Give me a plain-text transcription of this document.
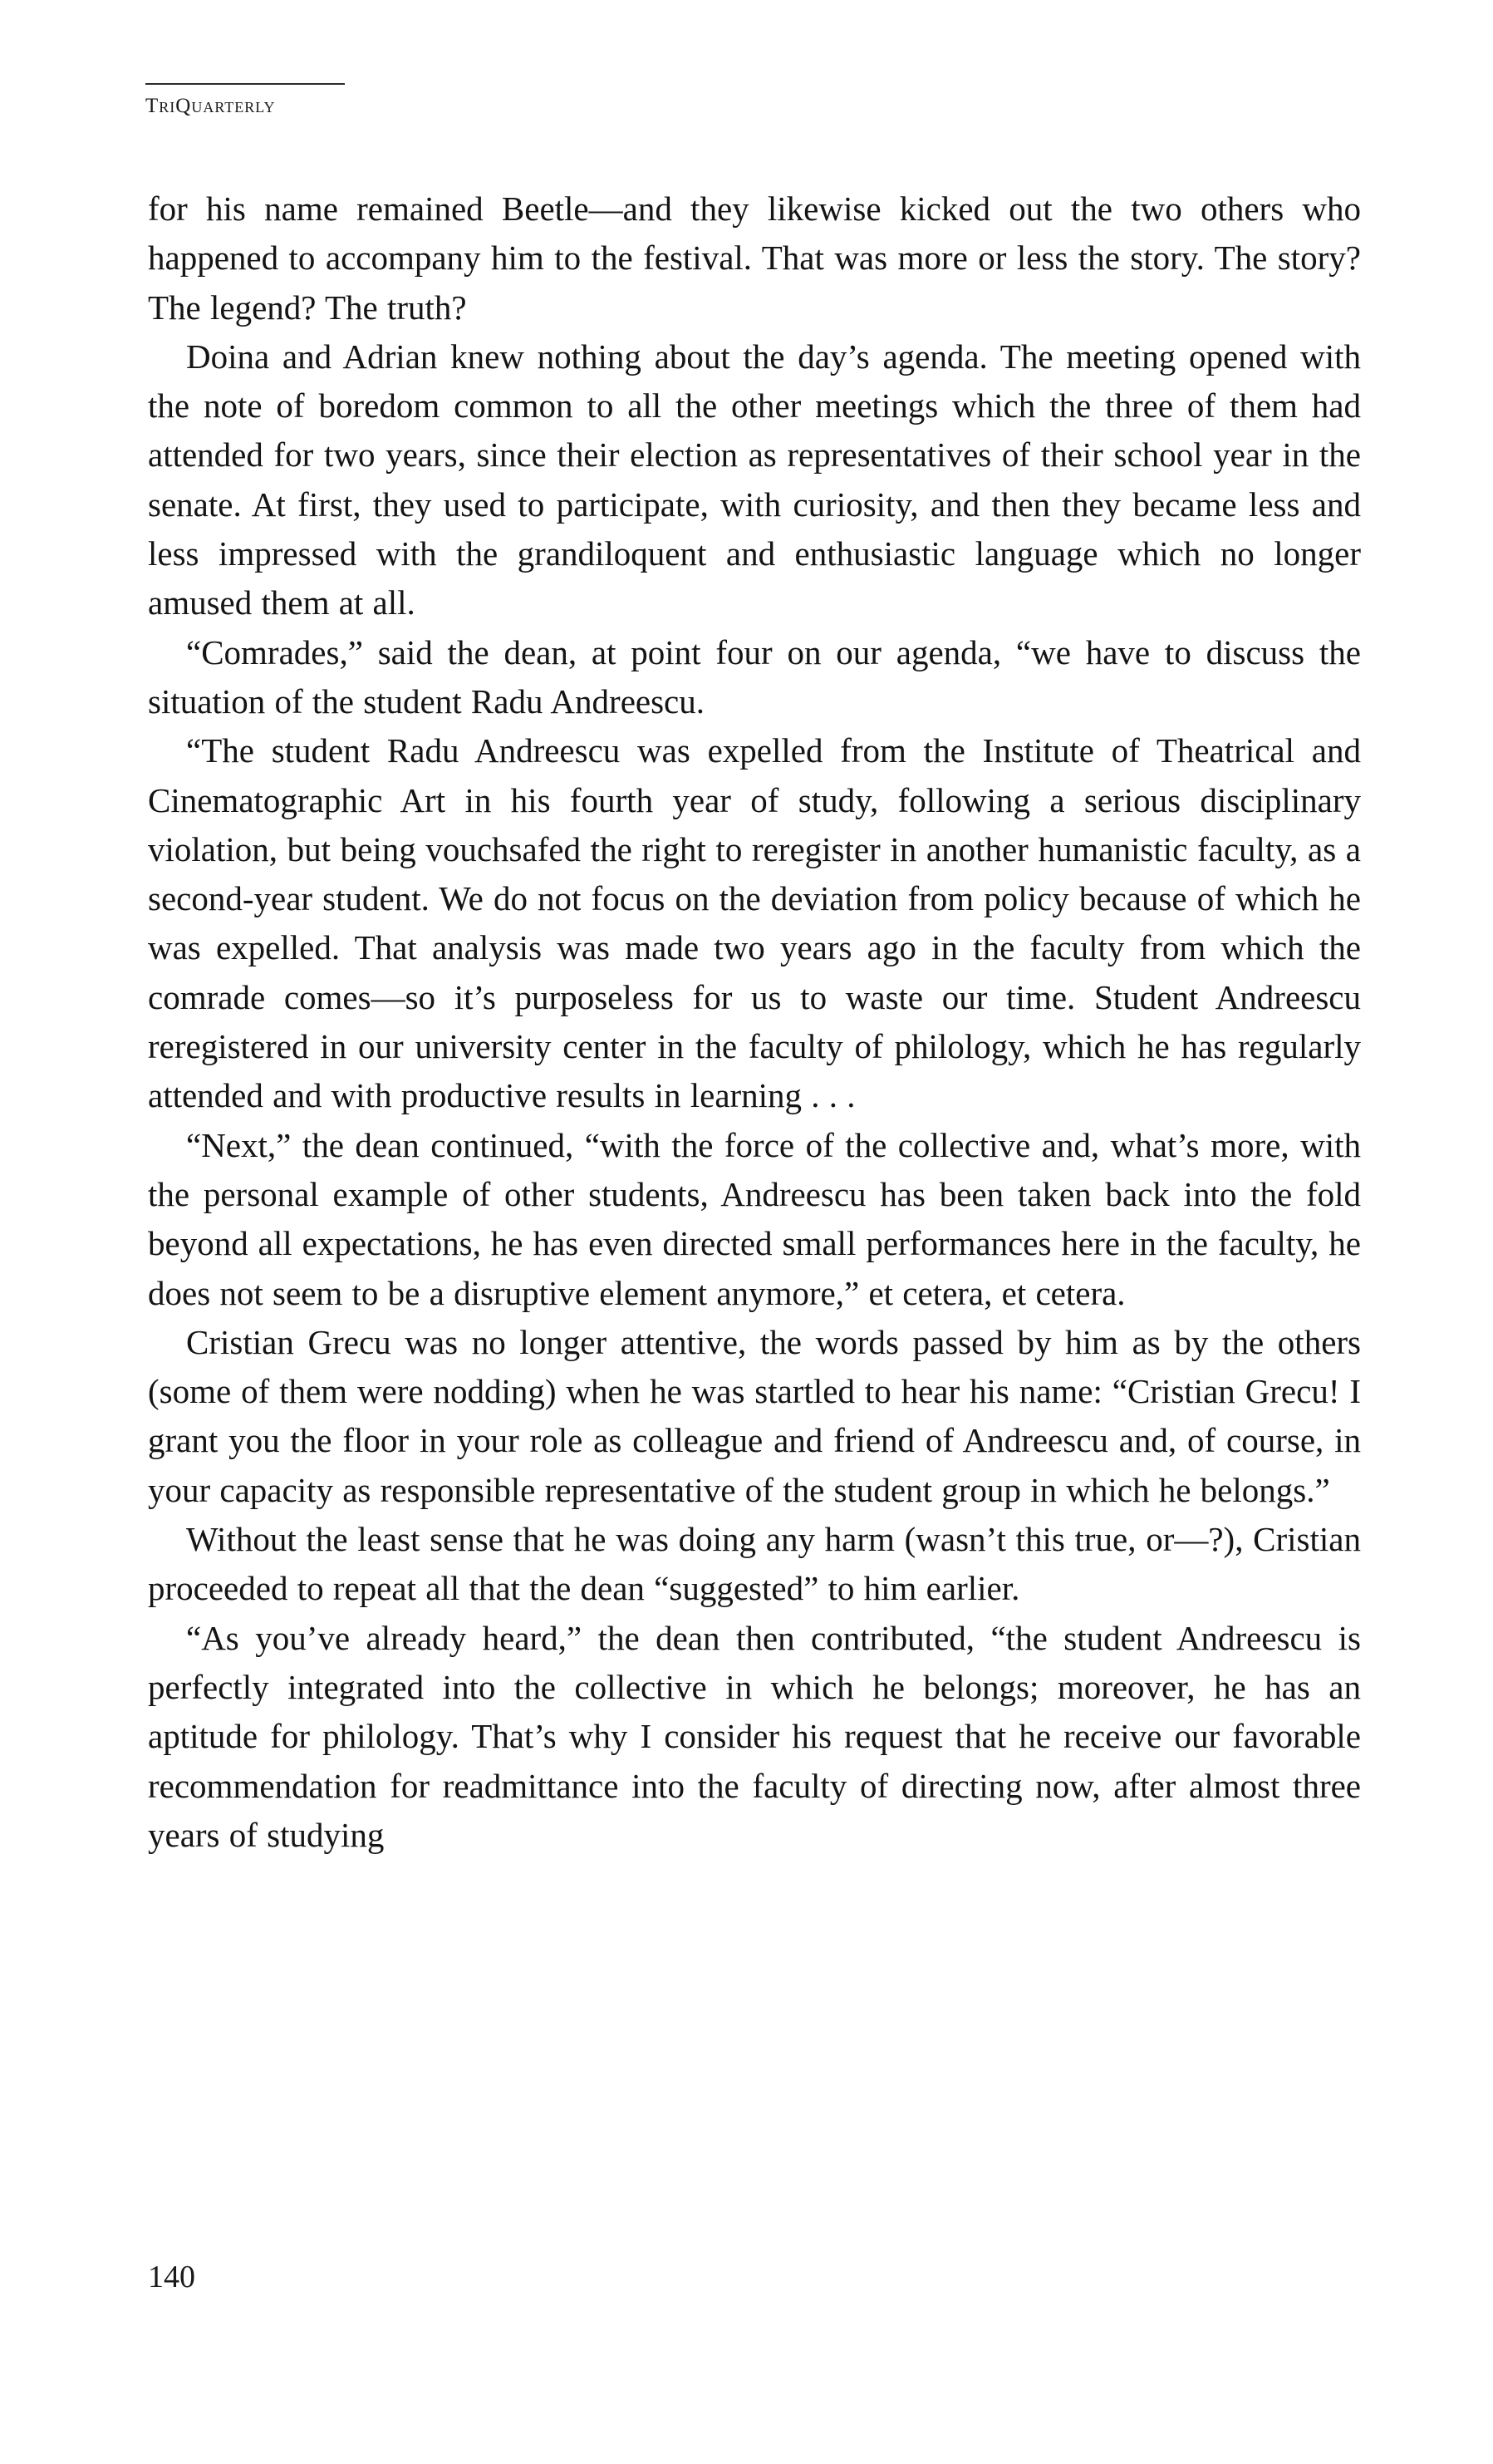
TriQuarterly

for his name remained Beetle—and they likewise kicked out the two others who happened to accompany him to the festival. That was more or less the story. The story? The legend? The truth?

Doina and Adrian knew nothing about the day’s agenda. The meeting opened with the note of boredom common to all the other meetings which the three of them had attended for two years, since their election as representatives of their school year in the senate. At first, they used to participate, with curiosity, and then they became less and less impressed with the grandiloquent and enthusiastic language which no longer amused them at all.

“Comrades,” said the dean, at point four on our agenda, “we have to discuss the situation of the student Radu Andreescu.

“The student Radu Andreescu was expelled from the Institute of Theatrical and Cinematographic Art in his fourth year of study, following a serious disciplinary violation, but being vouchsafed the right to reregister in another humanistic faculty, as a second-year student. We do not focus on the deviation from policy because of which he was expelled. That analysis was made two years ago in the faculty from which the comrade comes—so it’s purposeless for us to waste our time. Student Andreescu reregistered in our university center in the faculty of philology, which he has regularly attended and with productive results in learning . . .

“Next,” the dean continued, “with the force of the collective and, what’s more, with the personal example of other students, Andreescu has been taken back into the fold beyond all expectations, he has even directed small performances here in the faculty, he does not seem to be a disruptive element anymore,” et cetera, et cetera.

Cristian Grecu was no longer attentive, the words passed by him as by the others (some of them were nodding) when he was startled to hear his name: “Cristian Grecu! I grant you the floor in your role as colleague and friend of Andreescu and, of course, in your capacity as responsible representative of the student group in which he belongs.”

Without the least sense that he was doing any harm (wasn’t this true, or—?), Cristian proceeded to repeat all that the dean “suggested” to him earlier.

“As you’ve already heard,” the dean then contributed, “the student Andreescu is perfectly integrated into the collective in which he belongs; moreover, he has an aptitude for philology. That’s why I consider his request that he receive our favorable recommendation for readmittance into the faculty of directing now, after almost three years of studying

140
